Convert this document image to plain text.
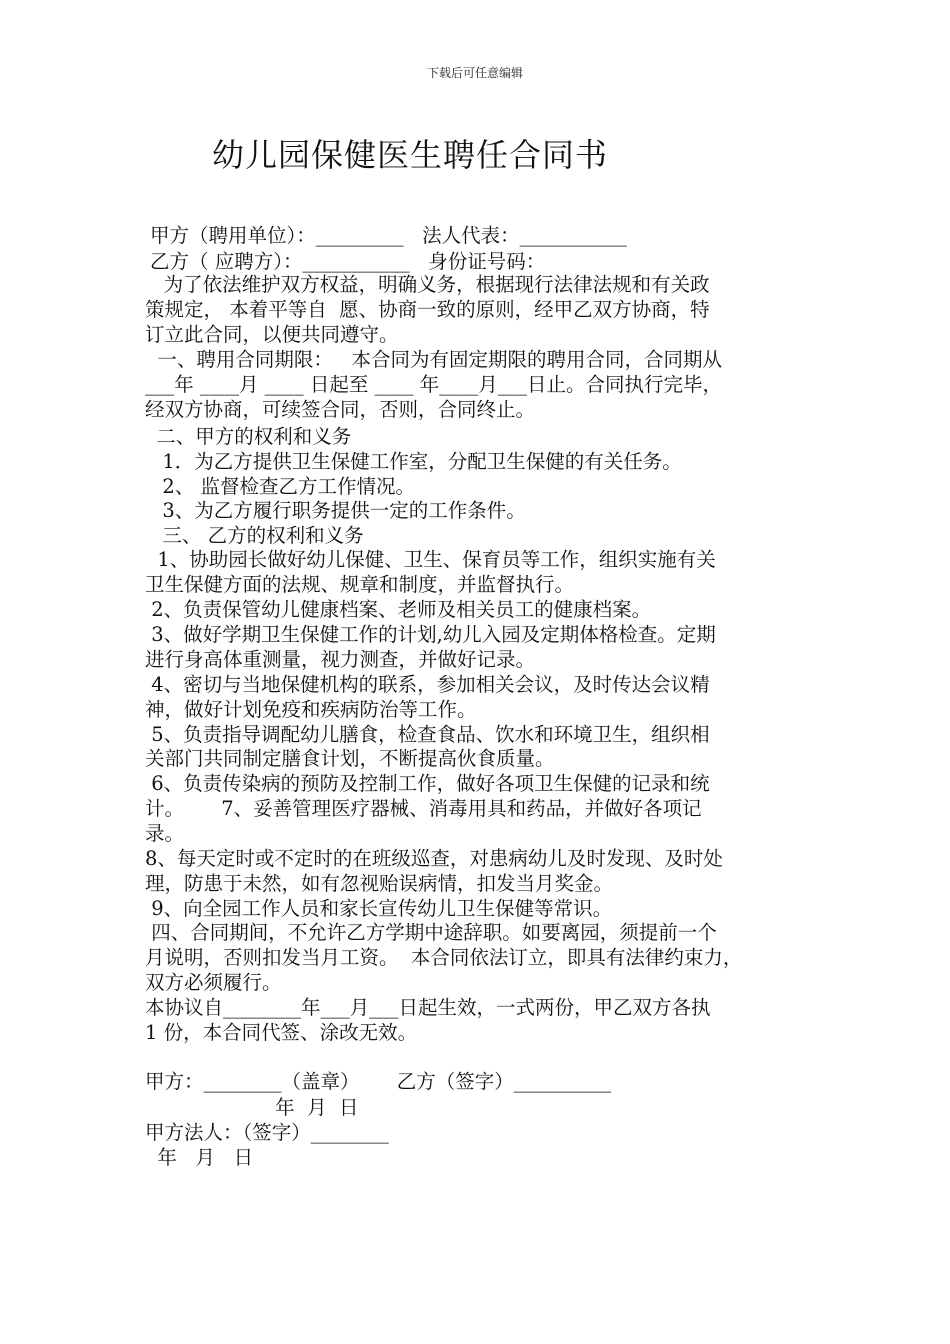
下载后可任意编辑
幼儿园保健医生聘任合同书
甲方（聘用单位）：_________   法人代表：___________
乙方（ 应聘方）：___________   身份证号码：
为了依法维护双方权益，明确义务，根据现行法律法规和有关政
策规定， 本着平等自  愿、协商一致的原则，经甲乙双方协商，特
订立此合同，以便共同遵守。
一、聘用合同期限：   本合同为有固定期限的聘用合同，合同期从
___年 ____月 ____ 日起至 ____ 年____月___日止。合同执行完毕，
经双方协商，可续签合同，否则，合同终止。
二、甲方的权利和义务
1．为乙方提供卫生保健工作室，分配卫生保健的有关任务。
2、 监督检查乙方工作情况。
3、为乙方履行职务提供一定的工作条件。
三、 乙方的权利和义务
1、协助园长做好幼儿保健、卫生、保育员等工作，组织实施有关
卫生保健方面的法规、规章和制度，并监督执行。
2、负责保管幼儿健康档案、老师及相关员工的健康档案。
3、做好学期卫生保健工作的计划,幼儿入园及定期体格检查。定期
进行身高体重测量，视力测查，并做好记录。
4、密切与当地保健机构的联系，参加相关会议，及时传达会议精
神，做好计划免疫和疾病防治等工作。
5、负责指导调配幼儿膳食，检查食品、饮水和环境卫生，组织相
关部门共同制定膳食计划，不断提高伙食质量。
6、负责传染病的预防及控制工作，做好各项卫生保健的记录和统
计。      7、妥善管理医疗器械、消毒用具和药品，并做好各项记
录。
8、每天定时或不定时的在班级巡查，对患病幼儿及时发现、及时处
理，防患于未然，如有忽视贻误病情，扣发当月奖金。
9、向全园工作人员和家长宣传幼儿卫生保健等常识。
四、合同期间，不允许乙方学期中途辞职。如要离园，须提前一个
月说明，否则扣发当月工资。  本合同依法订立，即具有法律约束力，
双方必须履行。
本协议自________年___月___日起生效，一式两份，甲乙双方各执
1 份，本合同代签、涂改无效。
甲方：________（盖章）      乙方（签字）__________
年  月  日
甲方法人：（签字）________
年   月   日
